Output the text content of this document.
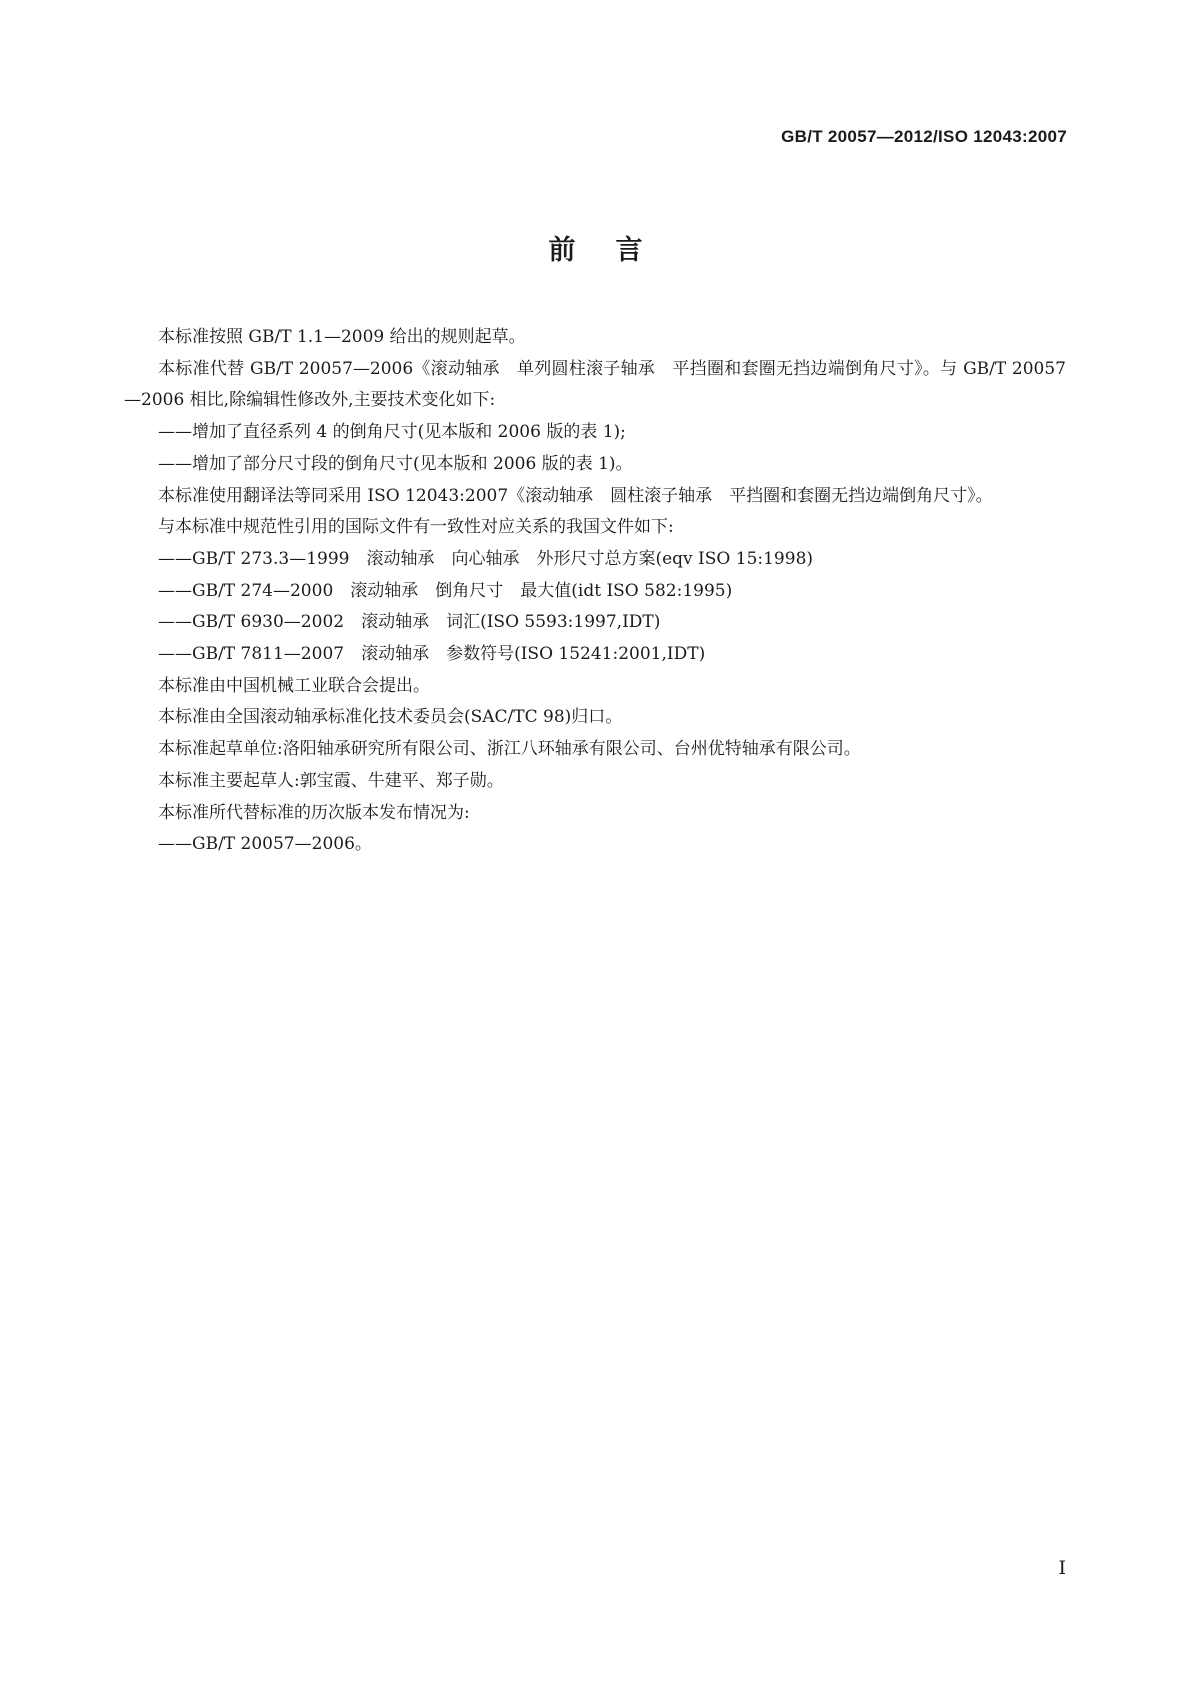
GB/T 20057—2012/ISO 12043:2007
前言

本标准按照 GB/T 1.1—2009 给出的规则起草。

本标准代替 GB/T 20057—2006《滚动轴承　单列圆柱滚子轴承　平挡圈和套圈无挡边端倒角尺寸》。与 GB/T 20057—2006 相比,除编辑性修改外,主要技术变化如下:

——增加了直径系列 4 的倒角尺寸(见本版和 2006 版的表 1);

——增加了部分尺寸段的倒角尺寸(见本版和 2006 版的表 1)。

本标准使用翻译法等同采用 ISO 12043:2007《滚动轴承　圆柱滚子轴承　平挡圈和套圈无挡边端倒角尺寸》。

与本标准中规范性引用的国际文件有一致性对应关系的我国文件如下:

——GB/T 273.3—1999　滚动轴承　向心轴承　外形尺寸总方案(eqv ISO 15:1998)

——GB/T 274—2000　滚动轴承　倒角尺寸　最大值(idt ISO 582:1995)

——GB/T 6930—2002　滚动轴承　词汇(ISO 5593:1997,IDT)

——GB/T 7811—2007　滚动轴承　参数符号(ISO 15241:2001,IDT)

本标准由中国机械工业联合会提出。

本标准由全国滚动轴承标准化技术委员会(SAC/TC 98)归口。

本标准起草单位:洛阳轴承研究所有限公司、浙江八环轴承有限公司、台州优特轴承有限公司。

本标准主要起草人:郭宝霞、牛建平、郑子勋。

本标准所代替标准的历次版本发布情况为:

——GB/T 20057—2006。

I
